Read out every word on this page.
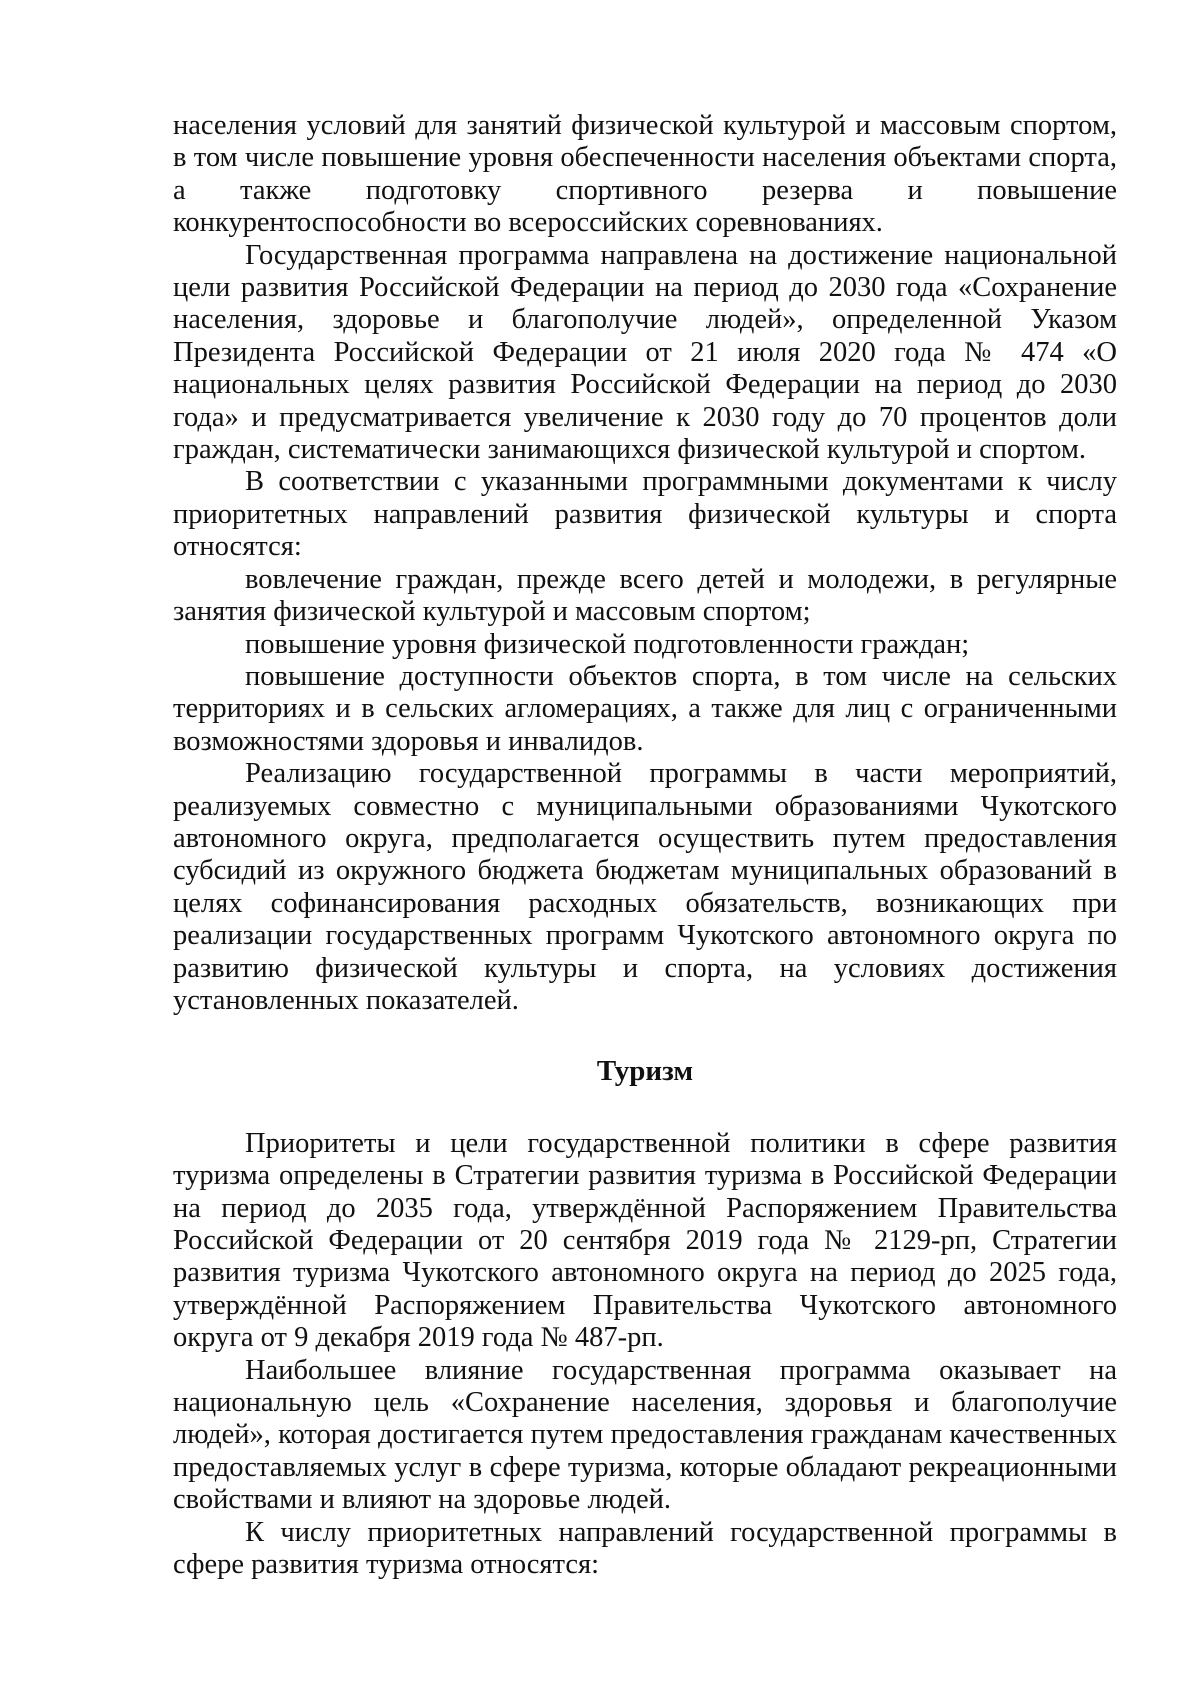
населения условий для занятий физической культурой и массовым спортом, в том числе повышение уровня обеспеченности населения объектами спорта, а также подготовку спортивного резерва и повышение конкурентоспособности во всероссийских соревнованиях.

Государственная программа направлена на достижение национальной цели развития Российской Федерации на период до 2030 года «Сохранение населения, здоровье и благополучие людей», определенной Указом Президента Российской Федерации от 21 июля 2020 года № 474 «О национальных целях развития Российской Федерации на период до 2030 года» и предусматривается увеличение к 2030 году до 70 процентов доли граждан, систематически занимающихся физической культурой и спортом.

В соответствии с указанными программными документами к числу приоритетных направлений развития физической культуры и спорта относятся:

вовлечение граждан, прежде всего детей и молодежи, в регулярные занятия физической культурой и массовым спортом;

повышение уровня физической подготовленности граждан;

повышение доступности объектов спорта, в том числе на сельских территориях и в сельских агломерациях, а также для лиц с ограниченными возможностями здоровья и инвалидов.

Реализацию государственной программы в части мероприятий, реализуемых совместно с муниципальными образованиями Чукотского автономного округа, предполагается осуществить путем предоставления субсидий из окружного бюджета бюджетам муниципальных образований в целях софинансирования расходных обязательств, возникающих при реализации государственных программ Чукотского автономного округа по развитию физической культуры и спорта, на условиях достижения установленных показателей.

Туризм

Приоритеты и цели государственной политики в сфере развития туризма определены в Стратегии развития туризма в Российской Федерации на период до 2035 года, утверждённой Распоряжением Правительства Российской Федерации от 20 сентября 2019 года № 2129-рп, Стратегии развития туризма Чукотского автономного округа на период до 2025 года, утверждённой Распоряжением Правительства Чукотского автономного округа от 9 декабря 2019 года № 487-рп.

Наибольшее влияние государственная программа оказывает на национальную цель «Сохранение населения, здоровья и благополучие людей», которая достигается путем предоставления гражданам качественных предоставляемых услуг в сфере туризма, которые обладают рекреационными свойствами и влияют на здоровье людей.

К числу приоритетных направлений государственной программы в сфере развития туризма относятся:
